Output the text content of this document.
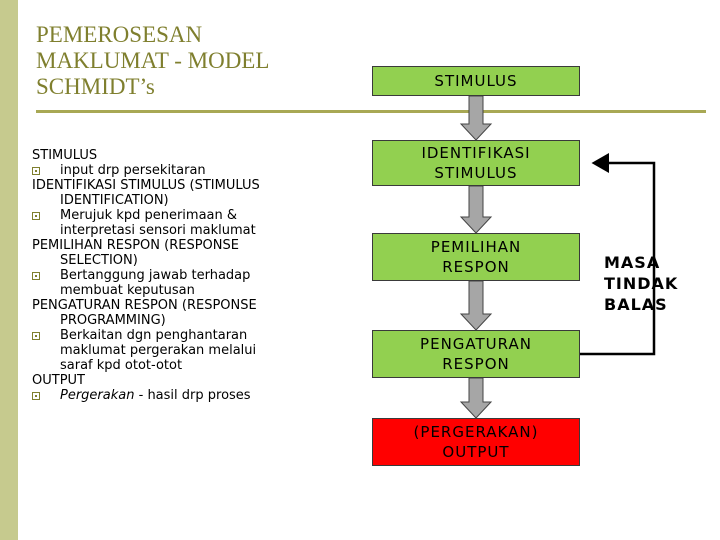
PEMEROSESAN
MAKLUMAT - MODEL
SCHMIDT’s
STIMULUS
input drp persekitaran
IDENTIFIKASI STIMULUS (STIMULUS
IDENTIFICATION)
Merujuk kpd penerimaan &
interpretasi sensori maklumat
PEMILIHAN RESPON (RESPONSE
SELECTION)
Bertanggung jawab terhadap
membuat keputusan
PENGATURAN RESPON (RESPONSE
PROGRAMMING)
Berkaitan dgn penghantaran
maklumat pergerakan melalui
saraf kpd otot-otot
OUTPUT
Pergerakan - hasil drp proses
STIMULUS
IDENTIFIKASI
STIMULUS
PEMILIHAN
RESPON
PENGATURAN
RESPON
(PERGERAKAN)
OUTPUT
MASA
TINDAK
BALAS
